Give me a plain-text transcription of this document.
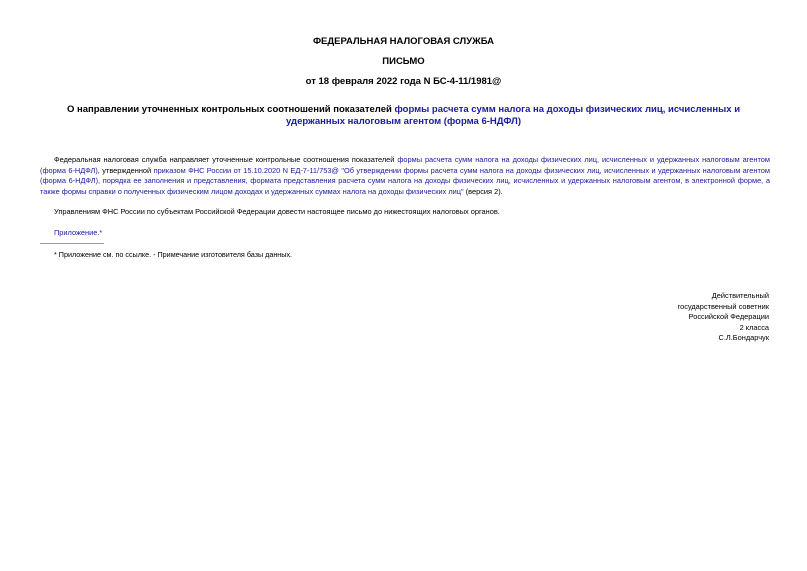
ФЕДЕРАЛЬНАЯ НАЛОГОВАЯ СЛУЖБА
ПИСЬМО
от 18 февраля 2022 года N БС-4-11/1981@
О направлении уточненных контрольных соотношений показателей формы расчета сумм налога на доходы физических лиц, исчисленных и удержанных налоговым агентом (форма 6-НДФЛ)
Федеральная налоговая служба направляет уточненные контрольные соотношения показателей формы расчета сумм налога на доходы физических лиц, исчисленных и удержанных налоговым агентом (форма 6-НДФЛ), утвержденной приказом ФНС России от 15.10.2020 N ЕД-7-11/753@ "Об утверждении формы расчета сумм налога на доходы физических лиц, исчисленных и удержанных налоговым агентом (форма 6-НДФЛ), порядка ее заполнения и представления, формата представления расчета сумм налога на доходы физических лиц, исчисленных и удержанных налоговым агентом, в электронной форме, а также формы справки о полученных физическим лицом доходах и удержанных суммах налога на доходы физических лиц" (версия 2).
Управлениям ФНС России по субъектам Российской Федерации довести настоящее письмо до нижестоящих налоговых органов.
Приложение.*
* Приложение см. по ссылке. - Примечание изготовителя базы данных.
Действительный
государственный советник
Российской Федерации
2 класса
С.Л.Бондарчук
